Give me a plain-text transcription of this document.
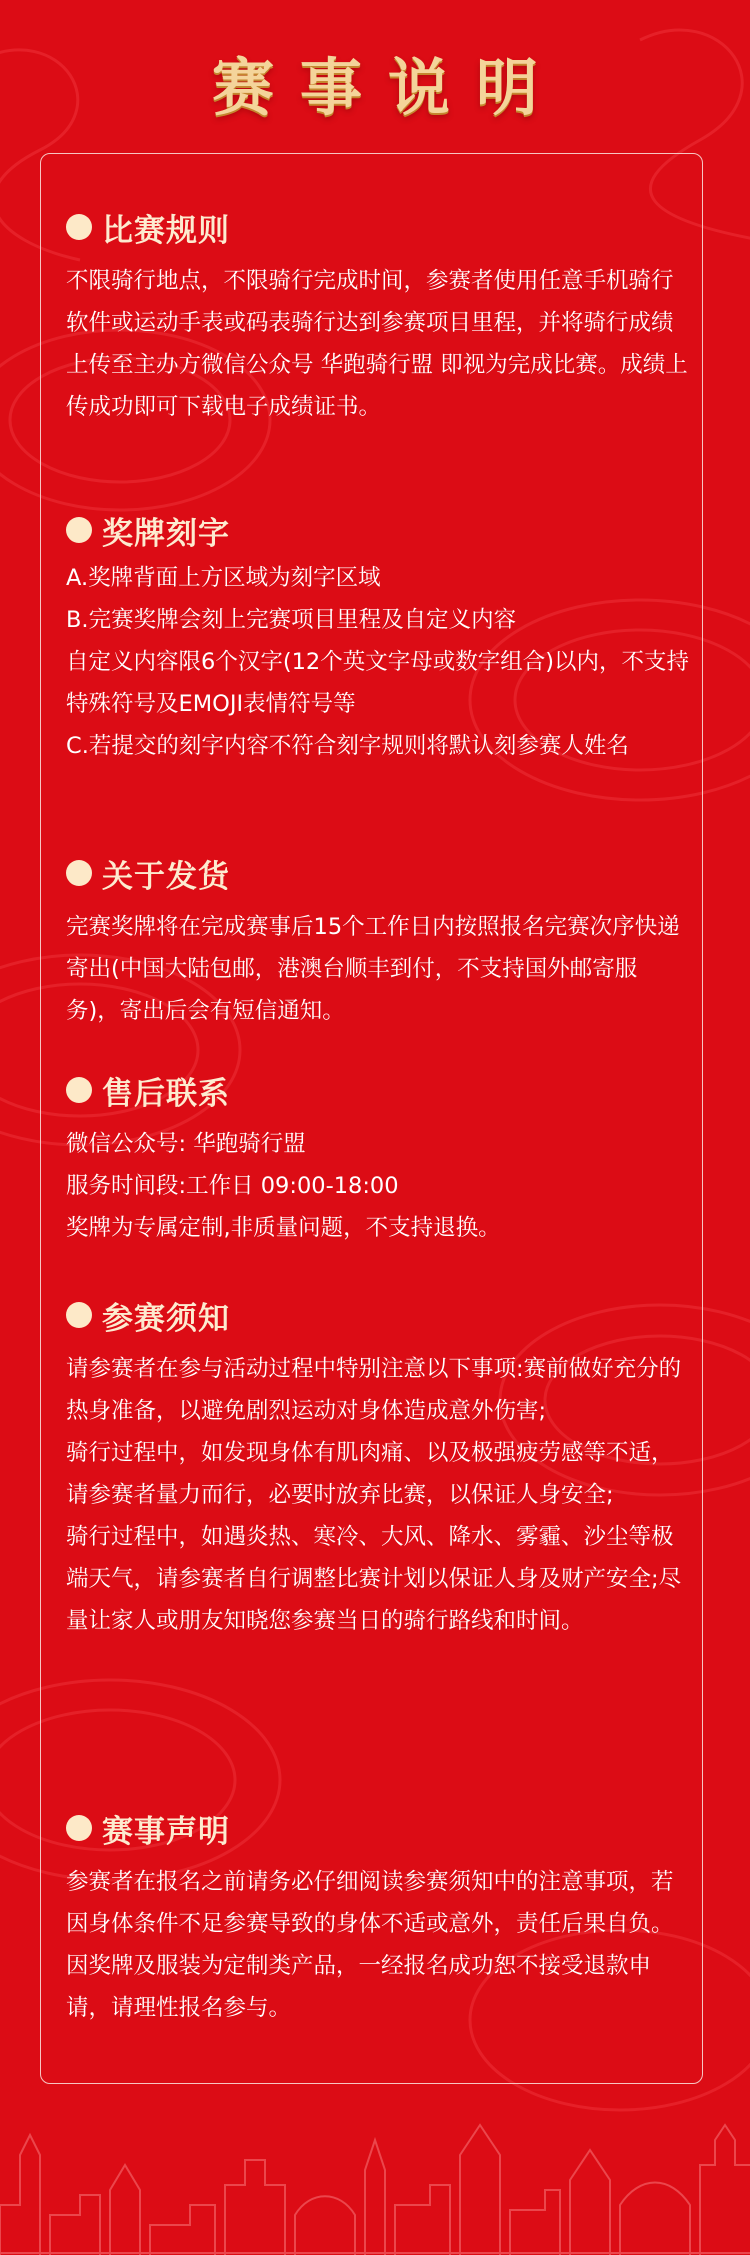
赛事说明
比赛规则
不限骑行地点，不限骑行完成时间，参赛者使用任意手机骑行软件或运动手表或码表骑行达到参赛项目里程，并将骑行成绩上传至主办方微信公众号 华跑骑行盟 即视为完成比赛。成绩上传成功即可下载电子成绩证书。
奖牌刻字
A.奖牌背面上方区域为刻字区域
B.完赛奖牌会刻上完赛项目里程及自定义内容
自定义内容限6个汉字(12个英文字母或数字组合)以内，不支持特殊符号及EMOJI表情符号等
C.若提交的刻字内容不符合刻字规则将默认刻参赛人姓名
关于发货
完赛奖牌将在完成赛事后15个工作日内按照报名完赛次序快递寄出(中国大陆包邮，港澳台顺丰到付，不支持国外邮寄服务)，寄出后会有短信通知。
售后联系
微信公众号: 华跑骑行盟
服务时间段:工作日 09:00-18:00
奖牌为专属定制,非质量问题，不支持退换。
参赛须知
请参赛者在参与活动过程中特别注意以下事项:赛前做好充分的热身准备，以避免剧烈运动对身体造成意外伤害;
骑行过程中，如发现身体有肌肉痛、以及极强疲劳感等不适，请参赛者量力而行，必要时放弃比赛，以保证人身安全;
骑行过程中，如遇炎热、寒冷、大风、降水、雾霾、沙尘等极端天气，请参赛者自行调整比赛计划以保证人身及财产安全;尽量让家人或朋友知晓您参赛当日的骑行路线和时间。
赛事声明
参赛者在报名之前请务必仔细阅读参赛须知中的注意事项，若因身体条件不足参赛导致的身体不适或意外，责任后果自负。因奖牌及服装为定制类产品，一经报名成功恕不接受退款申请，请理性报名参与。
